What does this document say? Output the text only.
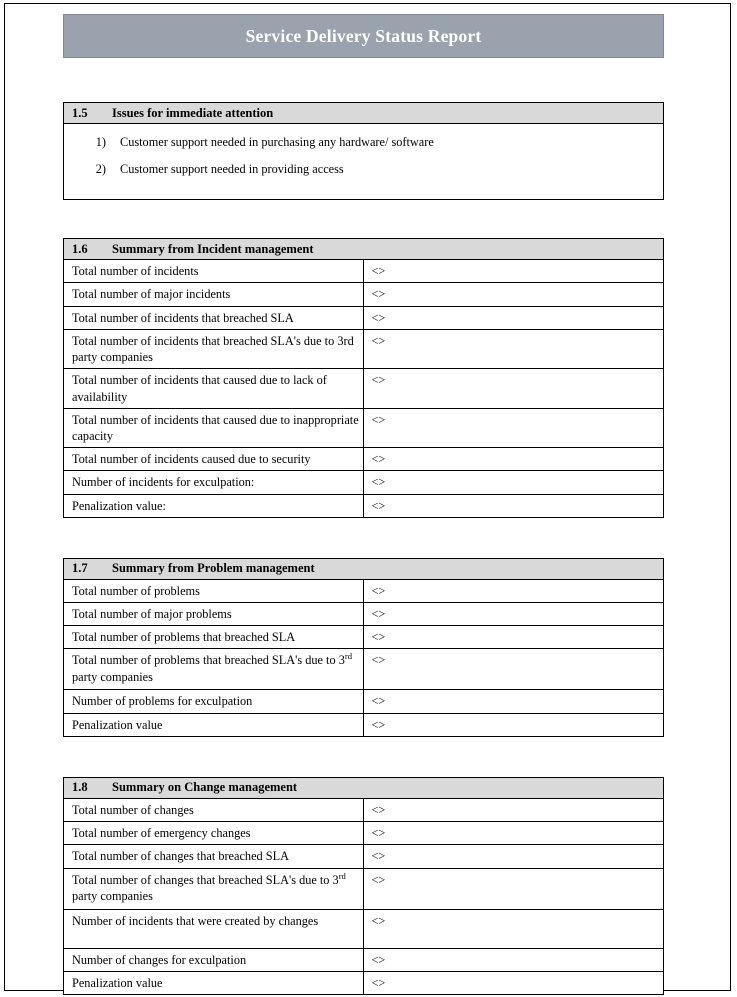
Service Delivery Status Report
1.5	Issues for immediate attention
1)	Customer support needed in purchasing any hardware/ software
2)	Customer support needed in providing access
1.6	Summary from Incident management
Total number of incidents	<>
Total number of major incidents	<>
Total number of incidents that breached SLA	<>
Total number of incidents that breached SLA's due to 3rd party companies	<>
Total number of incidents that caused due to lack of availability	<>
Total number of incidents that caused due to inappropriate capacity	<>
Total number of incidents caused due to security	<>
Number of incidents for exculpation:	<>
Penalization value:	<>
1.7	Summary from Problem management
Total number of problems	<>
Total number of major problems	<>
Total number of problems that breached SLA	<>
Total number of problems that breached SLA's due to 3rd party companies	<>
Number of problems for exculpation	<>
Penalization value	<>
1.8	Summary on Change management
Total number of changes	<>
Total number of emergency changes	<>
Total number of changes that breached SLA	<>
Total number of changes that breached SLA's due to 3rd party companies	<>
Number of incidents that were created by changes	<>
Number of changes for exculpation	<>
Penalization value	<>
